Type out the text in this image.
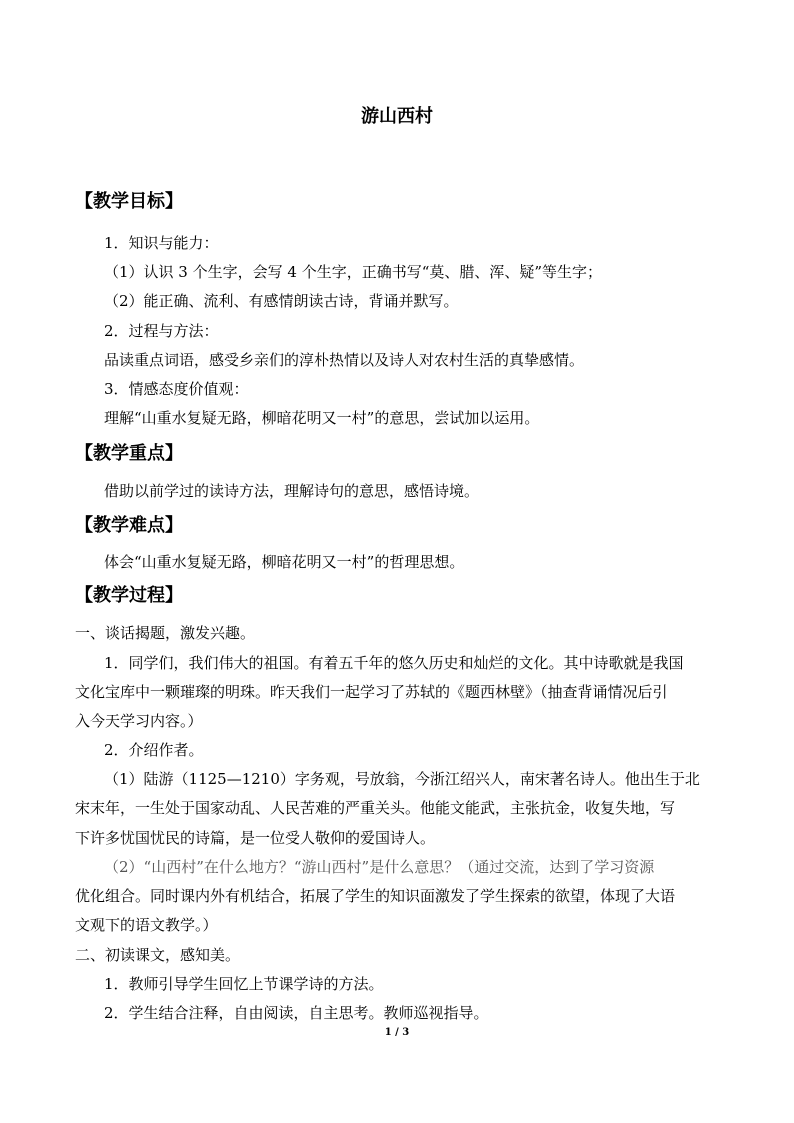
游山西村
【教学目标】
1．知识与能力：
（1）认识 3 个生字，会写 4 个生字，正确书写“莫、腊、浑、疑”等生字；
（2）能正确、流利、有感情朗读古诗，背诵并默写。
2．过程与方法：
品读重点词语，感受乡亲们的淳朴热情以及诗人对农村生活的真挚感情。
3．情感态度价值观：
理解“山重水复疑无路，柳暗花明又一村”的意思，尝试加以运用。
【教学重点】
借助以前学过的读诗方法，理解诗句的意思，感悟诗境。
【教学难点】
体会“山重水复疑无路，柳暗花明又一村”的哲理思想。
【教学过程】
一、谈话揭题，激发兴趣。
1．同学们，我们伟大的祖国。有着五千年的悠久历史和灿烂的文化。其中诗歌就是我国
文化宝库中一颗璀璨的明珠。昨天我们一起学习了苏轼的《题西林壁》（抽查背诵情况后引
入今天学习内容。）
2．介绍作者。
（1）陆游（1125—1210）字务观，号放翁，今浙江绍兴人，南宋著名诗人。他出生于北
宋末年，一生处于国家动乱、人民苦难的严重关头。他能文能武，主张抗金，收复失地，写
下许多忧国忧民的诗篇，是一位受人敬仰的爱国诗人。
（2）“山西村”在什么地方？“游山西村”是什么意思？（通过交流，达到了学习资源
优化组合。同时课内外有机结合，拓展了学生的知识面激发了学生探索的欲望，体现了大语
文观下的语文教学。）
二、初读课文，感知美。
1．教师引导学生回忆上节课学诗的方法。
2．学生结合注释，自由阅读，自主思考。教师巡视指导。
1 / 3
